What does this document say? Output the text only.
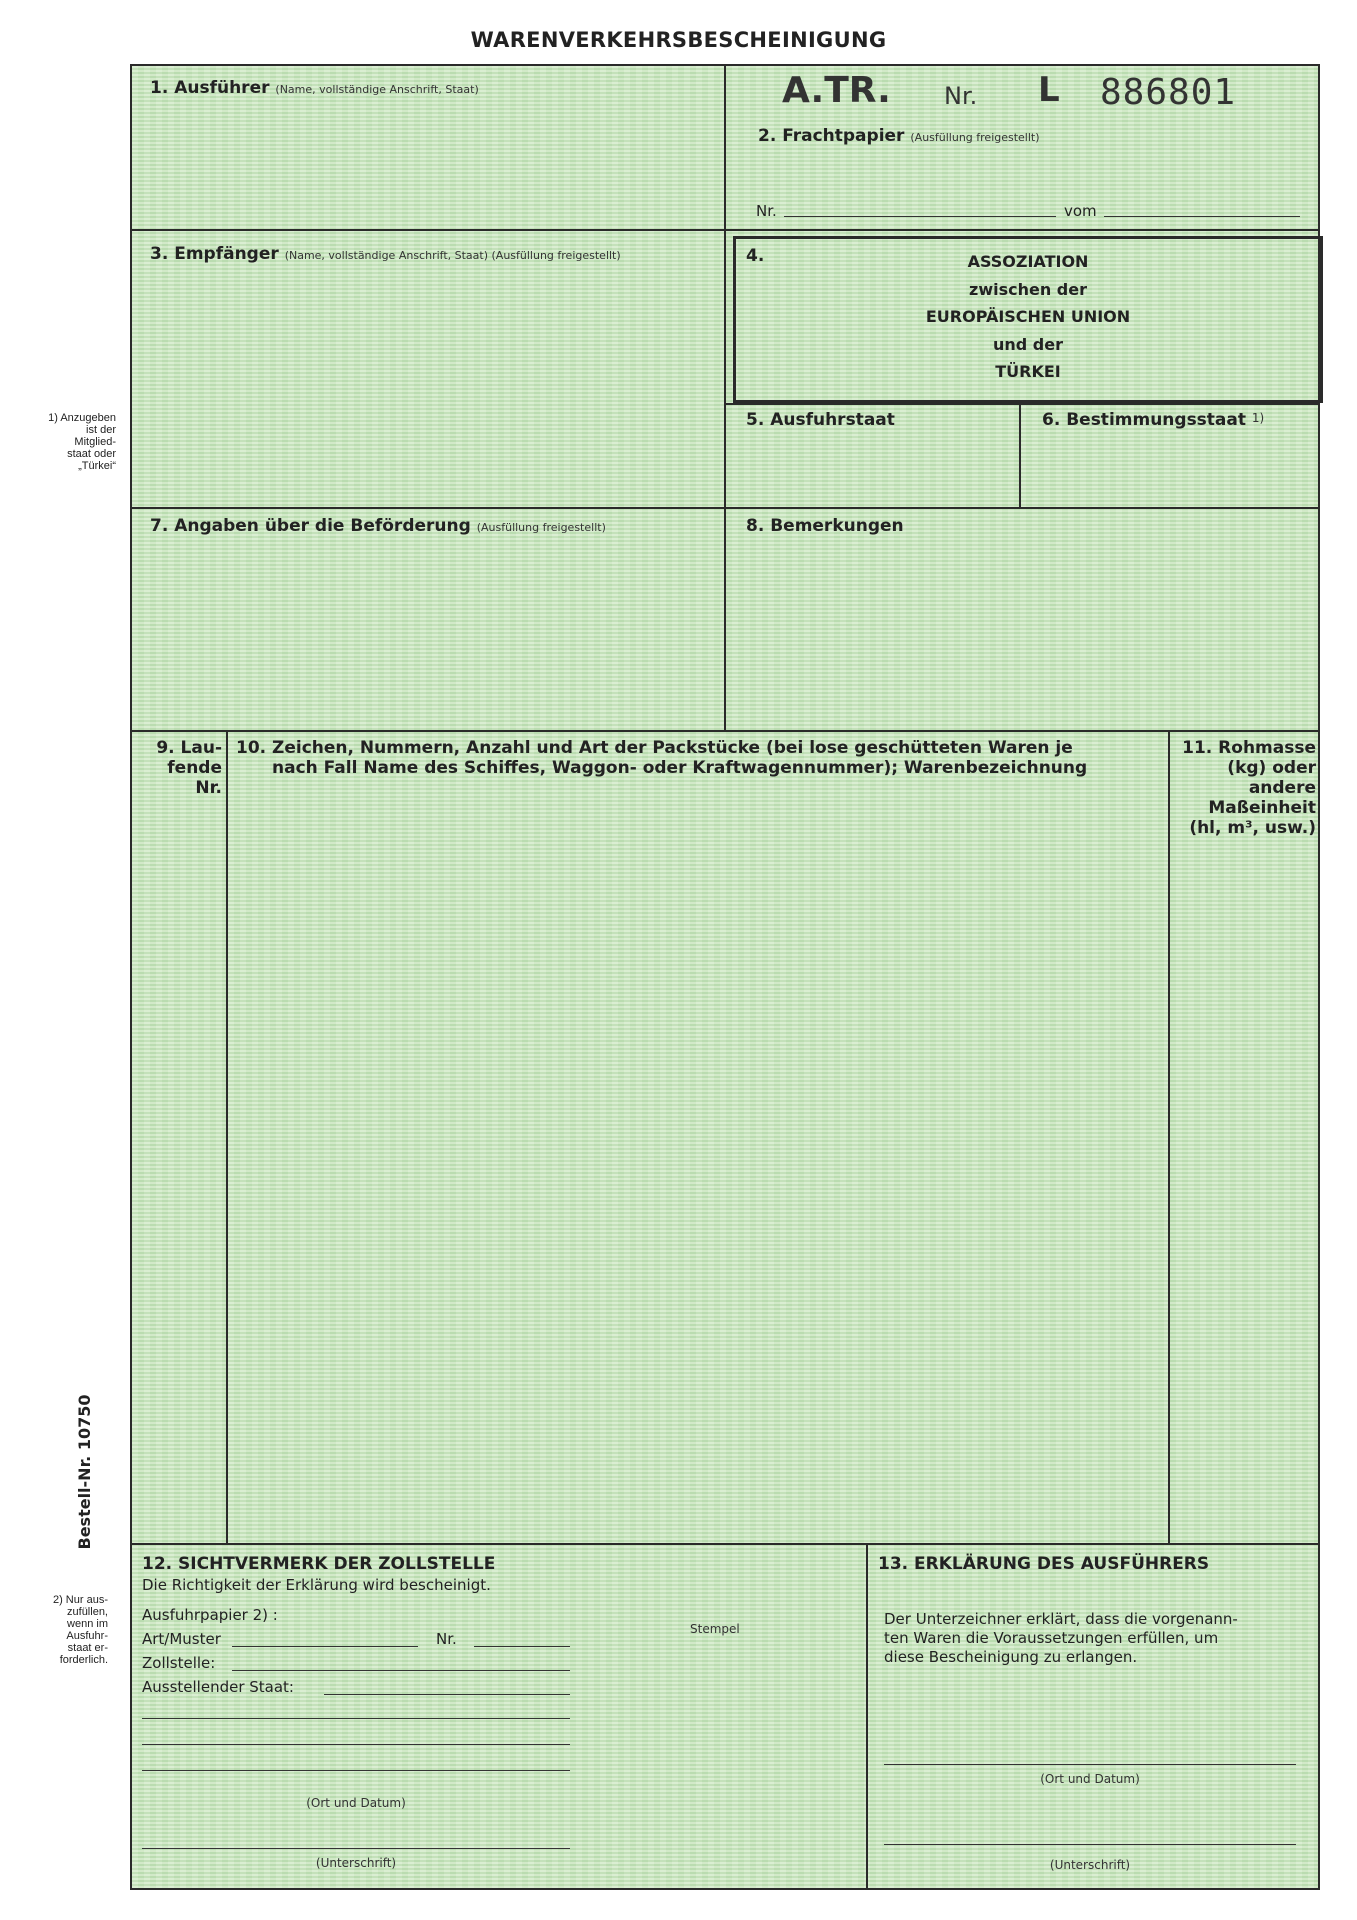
WARENVERKEHRSBESCHEINIGUNG
1) Anzugeben
ist der
Mitglied-
staat oder
„Türkei“
2) Nur aus-
zufüllen,
wenn im
Ausfuhr-
staat er-
forderlich.
Bestell-Nr. 10750
1. Ausführer (Name, vollständige Anschrift, Staat)	A.TR. Nr. L 886801
2. Frachtpapier (Ausfüllung freigestellt)
Nr.	vom
3. Empfänger (Name, vollständige Anschrift, Staat) (Ausfüllung freigestellt)	4.	ASSOZIATION
zwischen der
EUROPÄISCHEN UNION
und der
TÜRKEI
5. Ausfuhrstaat	6. Bestimmungsstaat 1)
7. Angaben über die Beförderung (Ausfüllung freigestellt)	8. Bemerkungen
9. Lau-
fende
Nr.
10. Zeichen, Nummern, Anzahl und Art der Packstücke (bei lose geschütteten Waren je
nach Fall Name des Schiffes, Waggon- oder Kraftwagennummer); Warenbezeichnung
11. Rohmasse
(kg) oder
andere
Maßeinheit
(hl, m³, usw.)
12. SICHTVERMERK DER ZOLLSTELLE
Die Richtigkeit der Erklärung wird bescheinigt.
Ausfuhrpapier 2) :
Art/Muster	Nr.
Zollstelle:
Ausstellender Staat:
(Ort und Datum)
(Unterschrift)
Stempel
13. ERKLÄRUNG DES AUSFÜHRERS
Der Unterzeichner erklärt, dass die vorgenann-
ten Waren die Voraussetzungen erfüllen, um
diese Bescheinigung zu erlangen.
(Ort und Datum)
(Unterschrift)
